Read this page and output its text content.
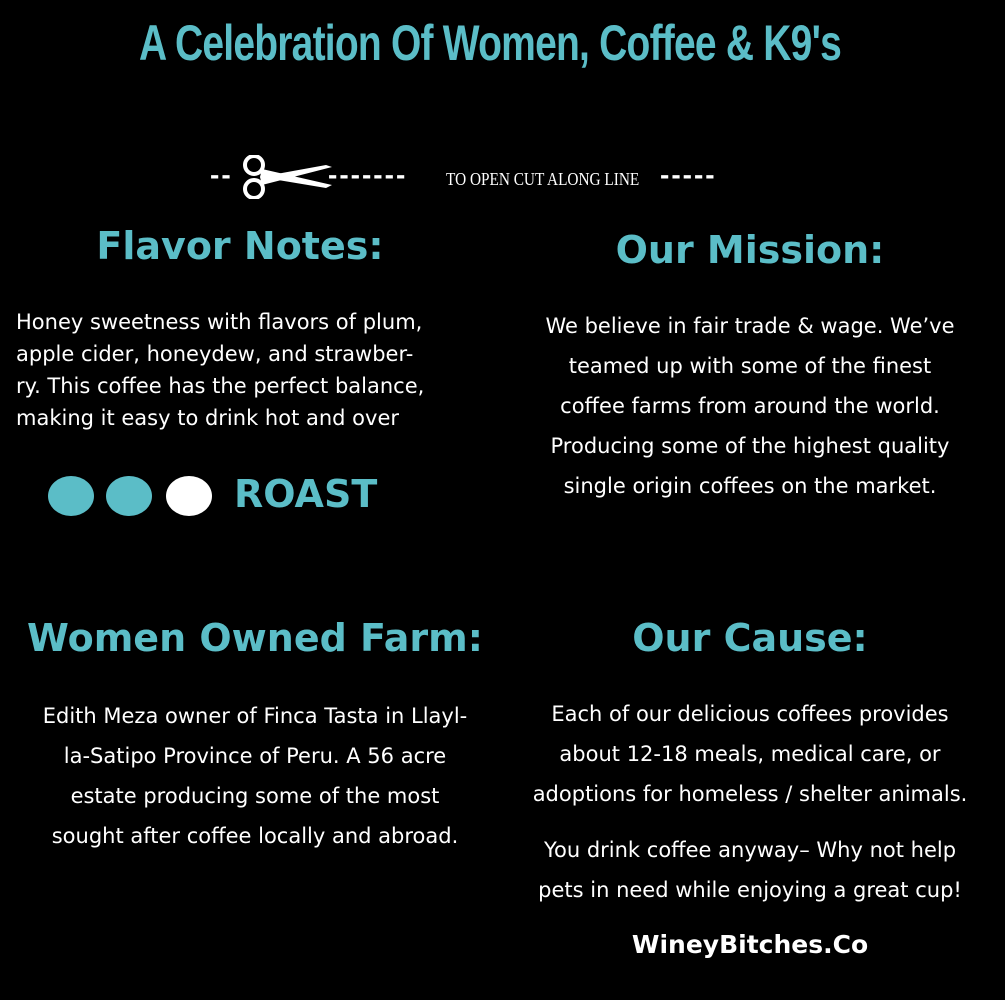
A Celebration Of Women, Coffee & K9's
--	------- TO OPEN CUT ALONG LINE -----
Flavor Notes:

Honey sweetness with flavors of plum,

apple cider, honeydew, and strawber-

ry. This coffee has the perfect balance,

making it easy to drink hot and over

ROAST
Our Mission:

We believe in fair trade & wage. We’ve

teamed up with some of the finest

coffee farms from around the world.

Producing some of the highest quality

single origin coffees on the market.

Women Owned Farm:

Edith Meza owner of Finca Tasta in Llayl-

la-Satipo Province of Peru. A 56 acre

estate producing some of the most

sought after coffee locally and abroad.

Our Cause:

Each of our delicious coffees provides

about 12-18 meals, medical care, or

adoptions for homeless / shelter animals.

You drink coffee anyway– Why not help

pets in need while enjoying a great cup!

WineyBitches.Co
